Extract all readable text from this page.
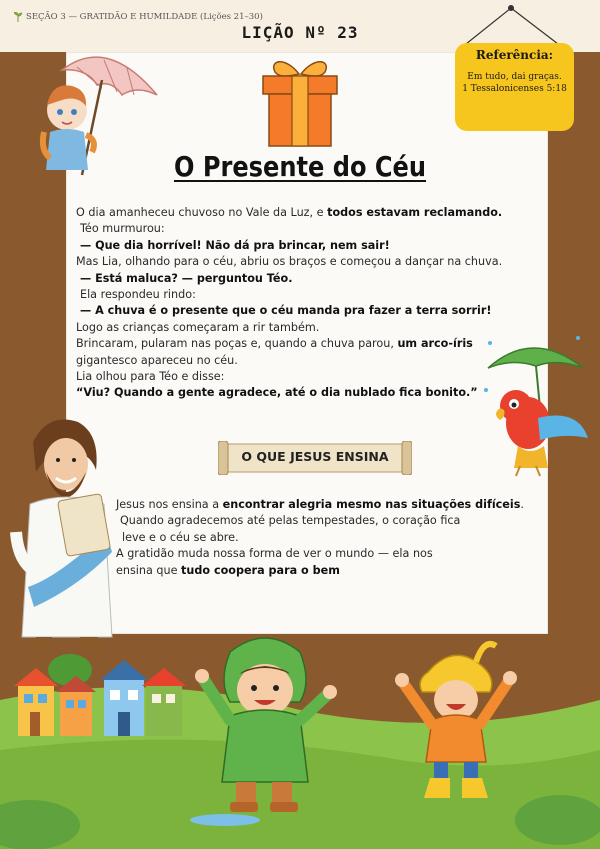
SEÇÃO 3 — GRATIDÃO E HUMILDADE (Lições 21–30)
LIÇÃO Nº 23
Referência:
Em tudo, dai graças.
1 Tessalonicenses 5:18
O Presente do Céu

O dia amanheceu chuvoso no Vale da Luz, e todos estavam reclamando.

Téo murmurou:

— Que dia horrível! Não dá pra brincar, nem sair!

Mas Lia, olhando para o céu, abriu os braços e começou a dançar na chuva.

— Está maluca? — perguntou Téo.

Ela respondeu rindo:

— A chuva é o presente que o céu manda pra fazer a terra sorrir!

Logo as crianças começaram a rir também.

Brincaram, pularam nas poças e, quando a chuva parou, um arco-íris

gigantesco apareceu no céu.

Lia olhou para Téo e disse:

“Viu? Quando a gente agradece, até o dia nublado fica bonito.”

O QUE JESUS ENSINA

Jesus nos ensina a encontrar alegria mesmo nas situações difíceis.

Quando agradecemos até pelas tempestades, o coração fica

leve e o céu se abre.

A gratidão muda nossa forma de ver o mundo — ela nos

ensina que tudo coopera para o bem
